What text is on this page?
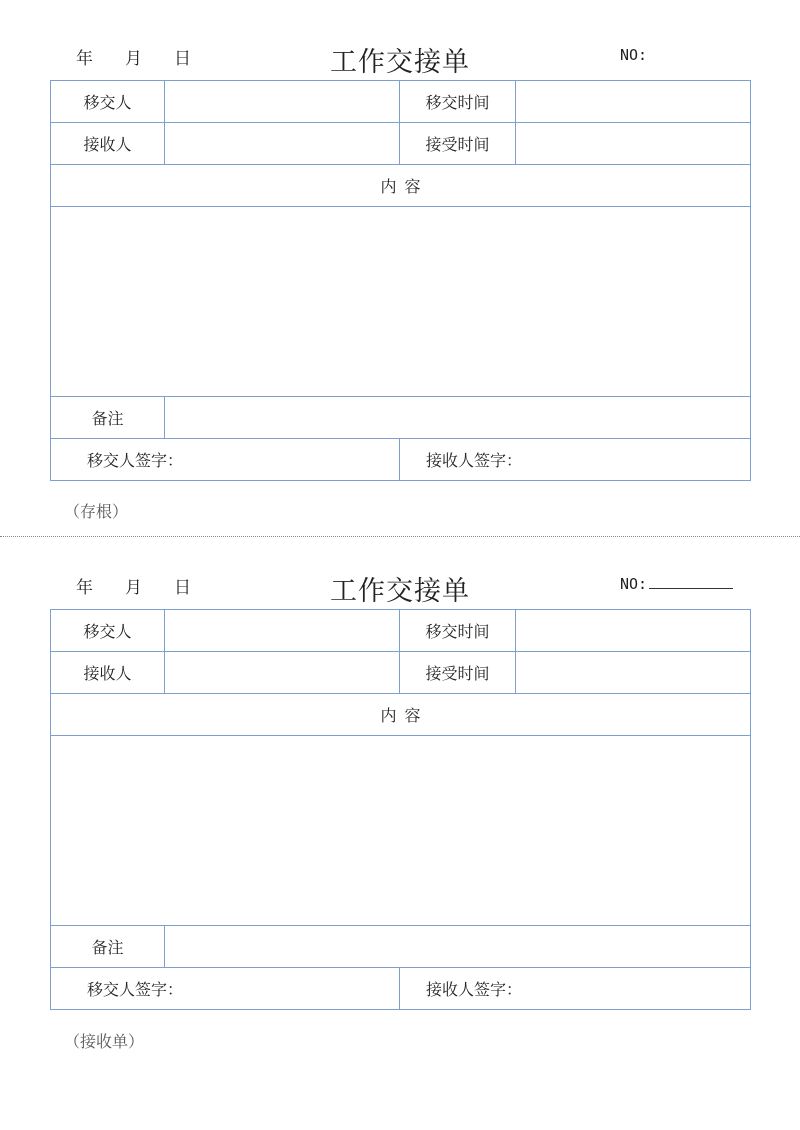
年 月 日	工作交接单	NO:
移交人		移交时间	
接收人		接受时间	
内容			

备注			
移交人签字：		接收人签字：	
（存根）
年 月 日	工作交接单	NO:
移交人		移交时间	
接收人		接受时间	
内容			

备注			
移交人签字：		接收人签字：	
（接收单）
